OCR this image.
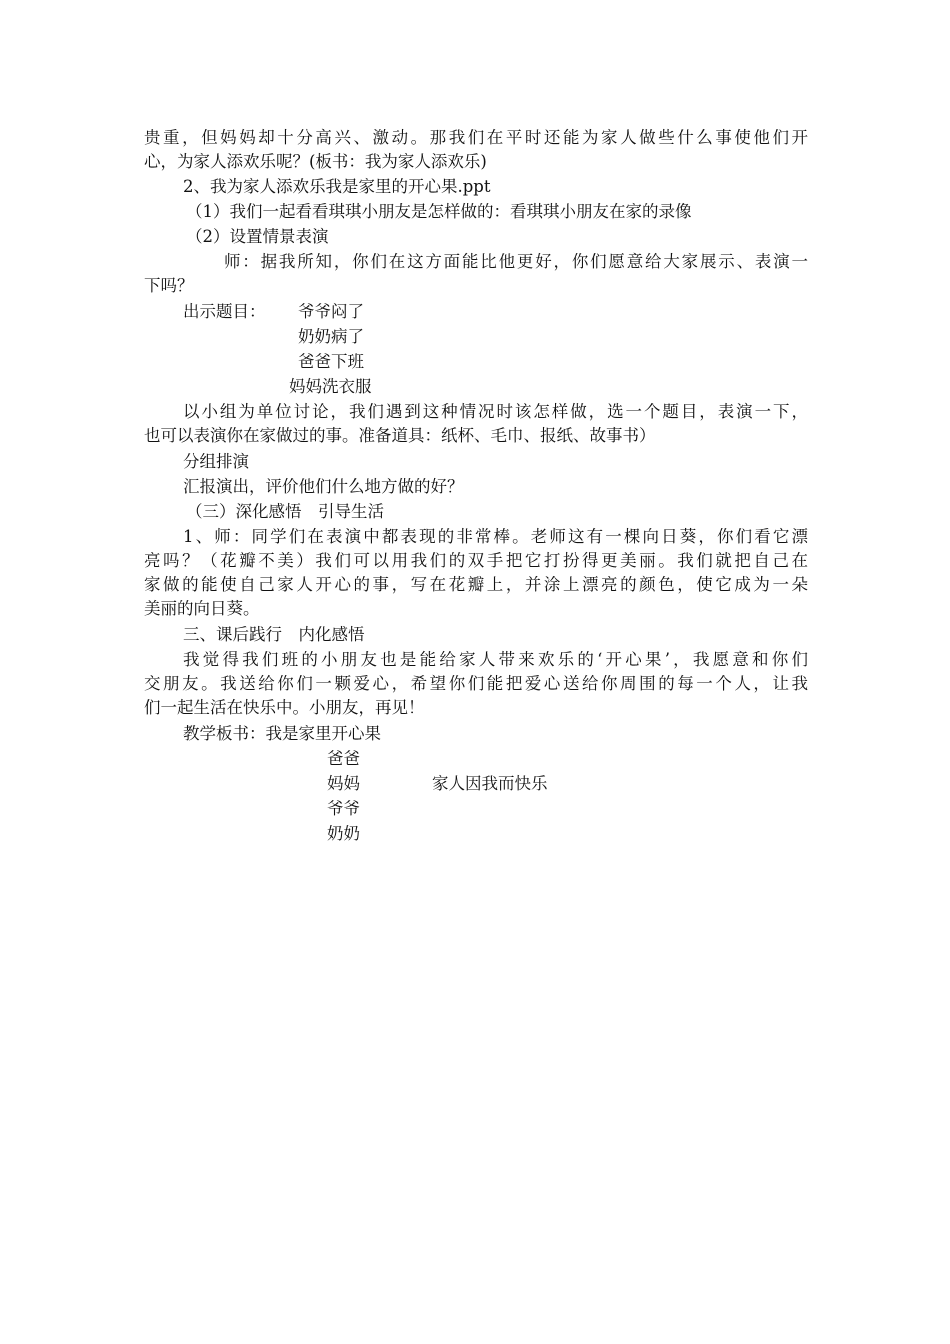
贵重，但妈妈却十分高兴、激动。那我们在平时还能为家人做些什么事使他们开
心，为家人添欢乐呢？(板书：我为家人添欢乐)
2、我为家人添欢乐我是家里的开心果.ppt
（1）我们一起看看琪琪小朋友是怎样做的：看琪琪小朋友在家的录像
（2）设置情景表演
师：据我所知，你们在这方面能比他更好，你们愿意给大家展示、表演一
下吗？
出示题目： 爷爷闷了
奶奶病了
爸爸下班
妈妈洗衣服
以小组为单位讨论，我们遇到这种情况时该怎样做，选一个题目，表演一下，
也可以表演你在家做过的事。准备道具：纸杯、毛巾、报纸、故事书）
分组排演
汇报演出，评价他们什么地方做的好？
（三）深化感悟　引导生活
1、师：同学们在表演中都表现的非常棒。老师这有一棵向日葵，你们看它漂
亮吗？（花瓣不美）我们可以用我们的双手把它打扮得更美丽。我们就把自己在
家做的能使自己家人开心的事，写在花瓣上，并涂上漂亮的颜色，使它成为一朵
美丽的向日葵。
三、课后践行　内化感悟
我觉得我们班的小朋友也是能给家人带来欢乐的‘开心果’，我愿意和你们
交朋友。我送给你们一颗爱心，希望你们能把爱心送给你周围的每一个人，让我
们一起生活在快乐中。小朋友，再见！
教学板书：我是家里开心果
爸爸
妈妈	家人因我而快乐
爷爷
奶奶
